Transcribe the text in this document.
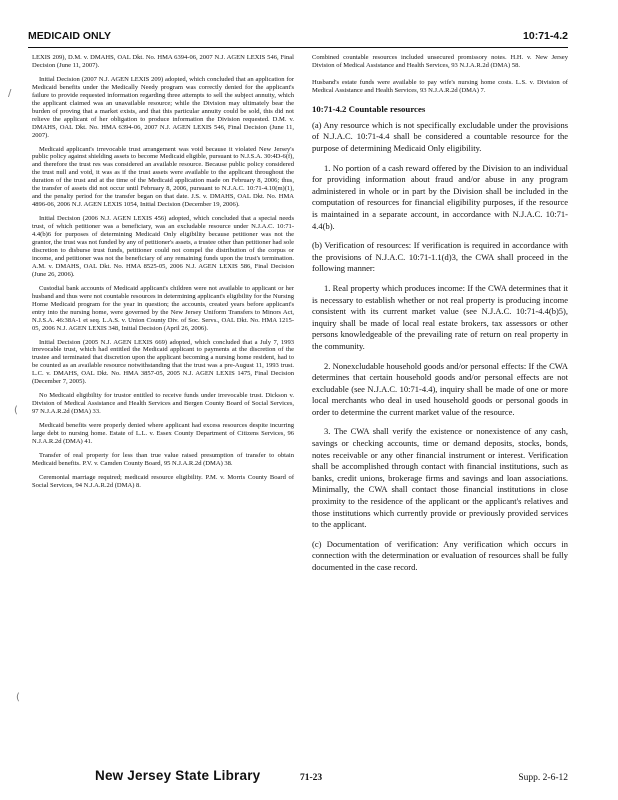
MEDICAID ONLY	10:71-4.2

LEXIS 209), D.M. v. DMAHS, OAL Dkt. No. HMA 6394-06, 2007 N.J. AGEN LEXIS 546, Final Decision (June 11, 2007).

Initial Decision (2007 N.J. AGEN LEXIS 209) adopted, which concluded that an application for Medicaid benefits under the Medically Needy program was correctly denied for the applicant's failure to provide requested information regarding three attempts to sell the subject annuity, which the applicant claimed was an unavailable resource; while the Division may ultimately bear the burden of proving that a market exists, and that this particular annuity could be sold, this did not relieve the applicant of her obligation to produce information the Division requested. D.M. v. DMAHS, OAL Dkt. No. HMA 6394-06, 2007 N.J. AGEN LEXIS 546, Final Decision (June 11, 2007).

Medicaid applicant's irrevocable trust arrangement was void because it violated New Jersey's public policy against shielding assets to become Medicaid eligible, pursuant to N.J.S.A. 30:4D-6(f), and therefore the trust res was considered an available resource. Because public policy considered the trust null and void, it was as if the trust assets were available to the applicant throughout the duration of the trust and at the time of the Medicaid application made on February 8, 2006; thus, the transfer of assets did not occur until February 8, 2006, pursuant to N.J.A.C. 10:71-4.10(m)(1), and the penalty period for the transfer began on that date. J.S. v. DMAHS, OAL Dkt. No. HMA 4896-06, 2006 N.J. AGEN LEXIS 1054, Initial Decision (December 19, 2006).

Initial Decision (2006 N.J. AGEN LEXIS 456) adopted, which concluded that a special needs trust, of which petitioner was a beneficiary, was an excludable resource under N.J.A.C. 10:71-4.4(b)6 for purposes of determining Medicaid Only eligibility because petitioner was not the grantor, the trust was not funded by any of petitioner's assets, a trustee other than petitioner had sole discretion to disburse trust funds, petitioner could not compel the distribution of the corpus or income, and petitioner was not the beneficiary of any remaining funds upon the trust's termination. A.M. v. DMAHS, OAL Dkt. No. HMA 8525-05, 2006 N.J. AGEN LEXIS 586, Final Decision (June 26, 2006).

Custodial bank accounts of Medicaid applicant's children were not available to applicant or her husband and thus were not countable resources in determining applicant's eligibility for the Nursing Home Medicaid program for the year in question; the accounts, created years before applicant's entry into the nursing home, were governed by the New Jersey Uniform Transfers to Minors Act, N.J.S.A. 46:38A-1 et seq. L.A.S. v. Union County Div. of Soc. Servs., OAL Dkt. No. HMA 1215-05, 2006 N.J. AGEN LEXIS 348, Initial Decision (April 26, 2006).

Initial Decision (2005 N.J. AGEN LEXIS 669) adopted, which concluded that a July 7, 1993 irrevocable trust, which had entitled the Medicaid applicant to payments at the discretion of the trustee and terminated that discretion upon the applicant becoming a nursing home resident, had to be counted as an available resource notwithstanding that the trust was a pre-August 11, 1993 trust. L.C. v. DMAHS, OAL Dkt. No. HMA 3857-05, 2005 N.J. AGEN LEXIS 1475, Final Decision (December 7, 2005).

No Medicaid eligibility for trustor entitled to receive funds under irrevocable trust. Dickson v. Division of Medical Assistance and Health Services and Bergen County Board of Social Services, 97 N.J.A.R.2d (DMA) 33.

Medicaid benefits were properly denied where applicant had excess resources despite incurring large debt to nursing home. Estate of L.L. v. Essex County Department of Citizens Services, 96 N.J.A.R.2d (DMA) 41.

Transfer of real property for less than true value raised presumption of transfer to obtain Medicaid benefits. P.V. v. Camden County Board, 95 N.J.A.R.2d (DMA) 38.

Ceremonial marriage required; medicaid resource eligibility. P.M. v. Morris County Board of Social Services, 94 N.J.A.R.2d (DMA) 8.

Combined countable resources included unsecured promissory notes. H.H. v. New Jersey Division of Medical Assistance and Health Services, 93 N.J.A.R.2d (DMA) 58.

Husband's estate funds were available to pay wife's nursing home costs. L.S. v. Division of Medical Assistance and Health Services, 93 N.J.A.R.2d (DMA) 7.

10:71-4.2 Countable resources

(a) Any resource which is not specifically excludable under the provisions of N.J.A.C. 10:71-4.4 shall be considered a countable resource for the purpose of determining Medicaid Only eligibility.

1. No portion of a cash reward offered by the Division to an individual for providing information about fraud and/or abuse in any program administered in whole or in part by the Division shall be included in the computation of resources for financial eligibility purposes, if the resource is maintained in a separate account, in accordance with N.J.A.C. 10:71-4.4(b).

(b) Verification of resources: If verification is required in accordance with the provisions of N.J.A.C. 10:71-1.1(d)3, the CWA shall proceed in the following manner:

1. Real property which produces income: If the CWA determines that it is necessary to establish whether or not real property is producing income consistent with its current market value (see N.J.A.C. 10:71-4.4(b)5), inquiry shall be made of local real estate brokers, tax assessors or other persons knowledgeable of the prevailing rate of return on real property in the community.

2. Nonexcludable household goods and/or personal effects: If the CWA determines that certain household goods and/or personal effects are not excludable (see N.J.A.C. 10:71-4.4), inquiry shall be made of one or more local merchants who deal in used household goods or personal goods in order to determine the current market value of the resource.

3. The CWA shall verify the existence or nonexistence of any cash, savings or checking accounts, time or demand deposits, stocks, bonds, notes receivable or any other financial instrument or interest. Verification shall be accomplished through contact with financial institutions, such as banks, credit unions, brokerage firms and savings and loan associations. Minimally, the CWA shall contact those financial institutions in close proximity to the residence of the applicant or the applicant's relatives and those institutions which currently provide or previously provided services to the applicant.

(c) Documentation of verification: Any verification which occurs in connection with the determination or evaluation of resources shall be fully documented in the case record.

/
(
(
New Jersey State Library	71-23	Supp. 2-6-12
